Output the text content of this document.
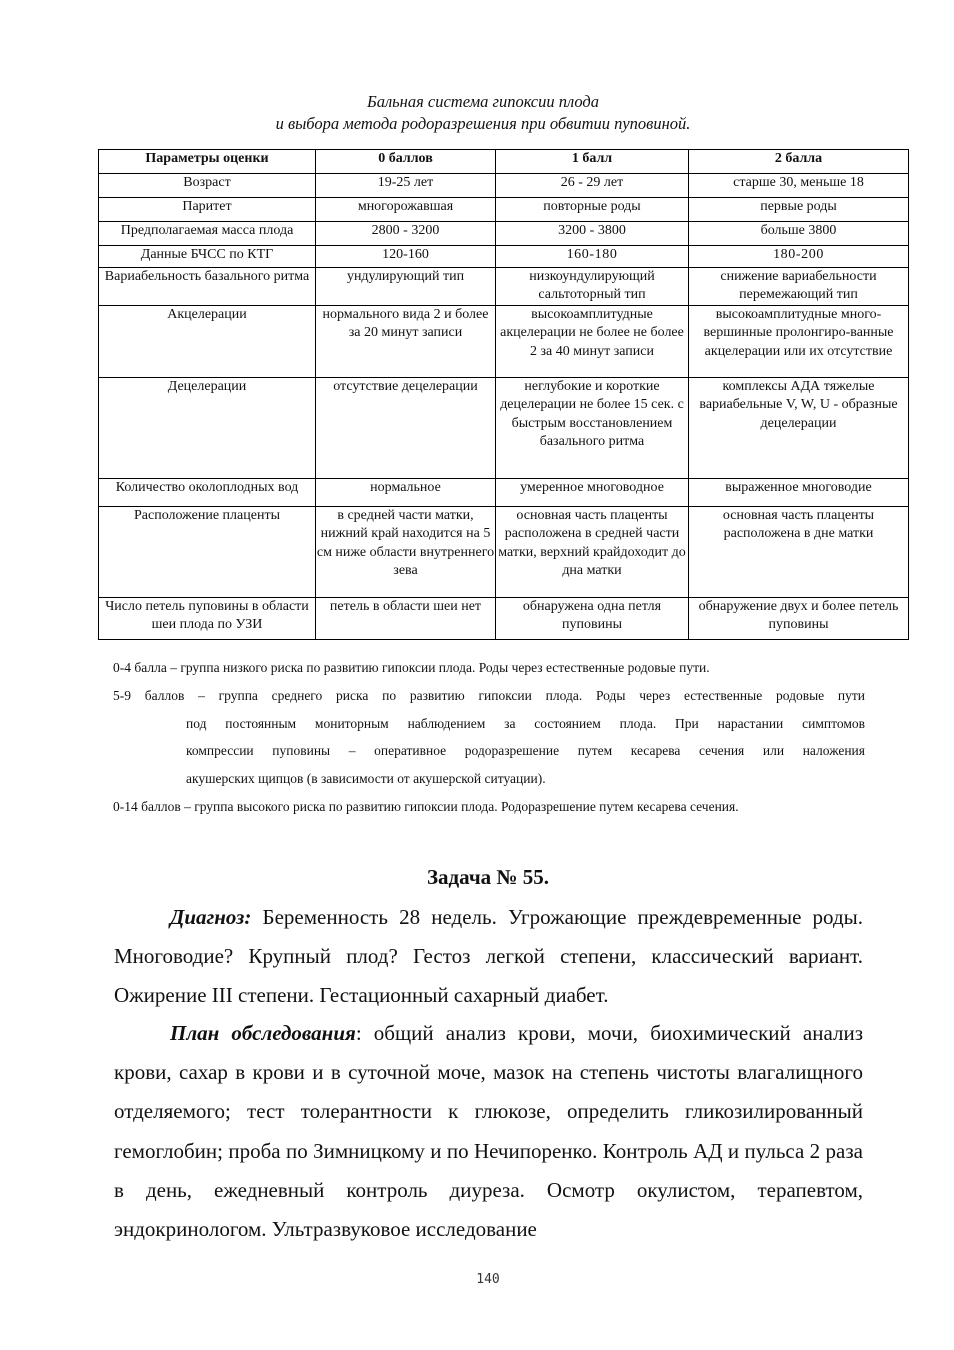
Бальная система гипоксии плода
и выбора метода родоразрешения при обвитии пуповиной.
Параметры оценки	0 баллов	1 балл	2 балла
Возраст	19-25 лет	26 - 29 лет	старше 30, меньше 18
Паритет	многорожавшая	повторные роды	первые роды
Предполагаемая масса плода	2800 - 3200	3200 - 3800	больше 3800
Данные БЧСС по КТГ	120-160	160-180	180-200
Вариабельность базального ритма	ундулирующий тип	низкоундулирующий сальтоторный тип	снижение вариабельности перемежающий тип
Акцелерации	нормального вида 2 и более за 20 минут записи	высокоамплитудные акцелерации не более не более 2 за 40 минут записи	высокоамплитудные много-вершинные пролонгиро-ванные акцелерации или их отсутствие
Децелерации	отсутствие децелерации	неглубокие и короткие децелерации не более 15 сек. с быстрым восстановлением базального ритма	комплексы АДА тяжелые вариабельные V, W, U - образные децелерации
Количество околоплодных вод	нормальное	умеренное многоводное	выраженное многоводие
Расположение плаценты	в средней части матки, нижний край находится на 5 см ниже области внутреннего зева	основная часть плаценты расположена в средней части матки, верхний крайдоходит до дна матки	основная часть плаценты расположена в дне матки
Число петель пуповины в области шеи плода по УЗИ	петель в области шеи нет	обнаружена одна петля пуповины	обнаружение двух и более петель пуповины
0-4 балла – группа низкого риска по развитию гипоксии плода. Роды через естественные родовые пути.
5-9 баллов – группа среднего риска по развитию гипоксии плода. Роды через естественные родовые пути
под постоянным мониторным наблюдением за состоянием плода. При нарастании симптомов
компрессии пуповины – оперативное родоразрешение путем кесарева сечения или наложения
акушерских щипцов (в зависимости от акушерской ситуации).
0-14 баллов – группа высокого риска по развитию гипоксии плода. Родоразрешение путем кесарева сечения.
Задача № 55.

Диагноз: Беременность 28 недель. Угрожающие преждевременные роды. Многоводие? Крупный плод? Гестоз легкой степени, классический вариант. Ожирение III степени. Гестационный сахарный диабет.

План обследования: общий анализ крови, мочи, биохимический анализ крови, сахар в крови и в суточной моче, мазок на степень чистоты влагалищного отделяемого; тест толерантности к глюкозе, определить гликозилированный гемоглобин; проба по Зимницкому и по Нечипоренко. Контроль АД и пульса 2 раза в день, ежедневный контроль диуреза. Осмотр окулистом, терапевтом, эндокринологом. Ультразвуковое исследование

140
